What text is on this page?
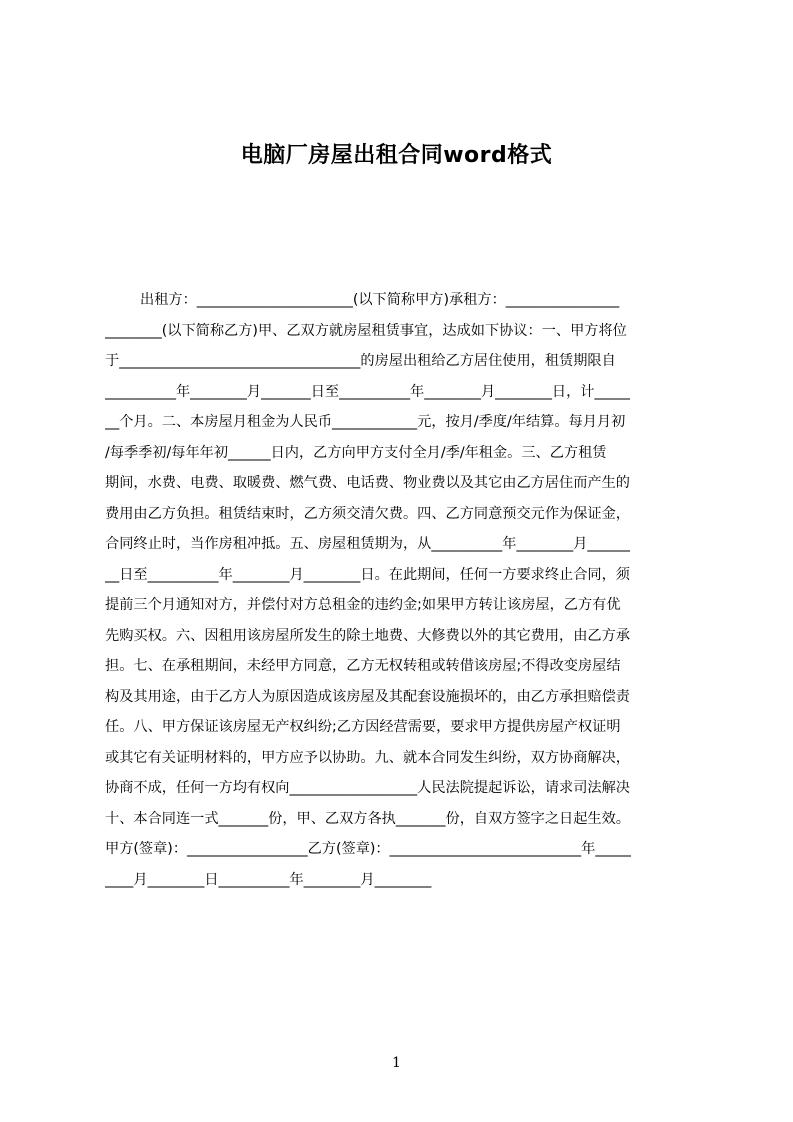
电脑厂房屋出租合同word格式
出租方：______________________(以下简称甲方)承租方：________________
________(以下简称乙方)甲、乙双方就房屋租赁事宜，达成如下协议：一、甲方将位
于__________________________________的房屋出租给乙方居住使用，租赁期限自
__________年________月_______日至__________年________月________日，计_____
__个月。二、本房屋月租金为人民币____________元，按月/季度/年结算。每月月初
/每季季初/每年年初______日内，乙方向甲方支付全月/季/年租金。三、乙方租赁
期间，水费、电费、取暖费、燃气费、电话费、物业费以及其它由乙方居住而产生的
费用由乙方负担。租赁结束时，乙方须交清欠费。四、乙方同意预交元作为保证金，
合同终止时，当作房租冲抵。五、房屋租赁期为，从__________年________月______
__日至__________年________月________日。在此期间，任何一方要求终止合同，须
提前三个月通知对方，并偿付对方总租金的违约金;如果甲方转让该房屋，乙方有优
先购买权。六、因租用该房屋所发生的除土地费、大修费以外的其它费用，由乙方承
担。七、在承租期间，未经甲方同意，乙方无权转租或转借该房屋;不得改变房屋结
构及其用途，由于乙方人为原因造成该房屋及其配套设施损坏的，由乙方承担赔偿责
任。八、甲方保证该房屋无产权纠纷;乙方因经营需要，要求甲方提供房屋产权证明
或其它有关证明材料的，甲方应予以协助。九、就本合同发生纠纷，双方协商解决，
协商不成，任何一方均有权向__________________人民法院提起诉讼，请求司法解决
十、本合同连一式_______份，甲、乙双方各执_______份，自双方签字之日起生效。
甲方(签章)：_________________乙方(签章)：___________________________年_____
____月________日__________年________月________
1
